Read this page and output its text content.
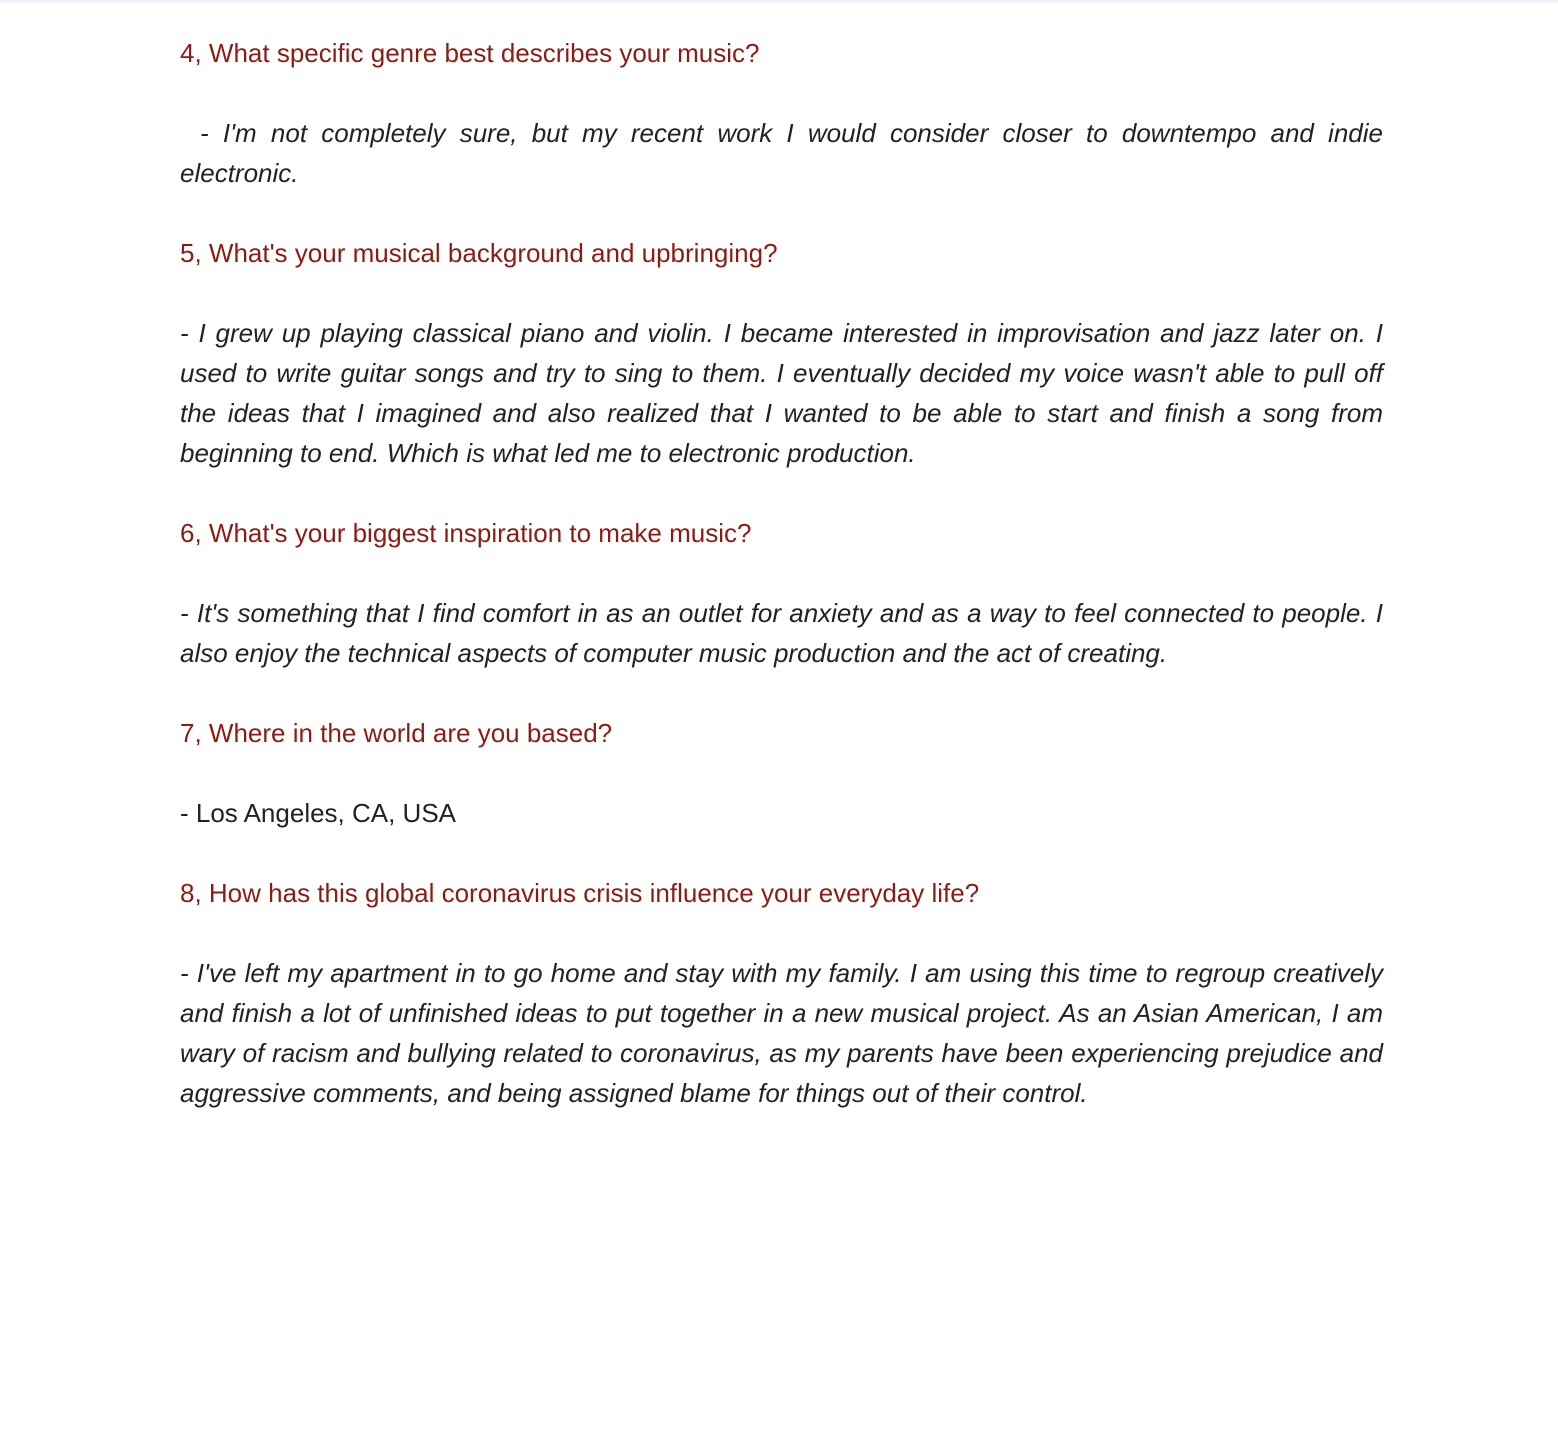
4, What specific genre best describes your music?

- I'm not completely sure, but my recent work I would consider closer to downtempo and indie electronic.

5, What's your musical background and upbringing?

- I grew up playing classical piano and violin. I became interested in improvisation and jazz later on. I used to write guitar songs and try to sing to them. I eventually decided my voice wasn't able to pull off the ideas that I imagined and also realized that I wanted to be able to start and finish a song from beginning to end. Which is what led me to electronic production.

6, What's your biggest inspiration to make music?

- It's something that I find comfort in as an outlet for anxiety and as a way to feel connected to people. I also enjoy the technical aspects of computer music production and the act of creating.

7, Where in the world are you based?

- Los Angeles, CA, USA

8, How has this global coronavirus crisis influence your everyday life?

- I've left my apartment in to go home and stay with my family. I am using this time to regroup creatively and finish a lot of unfinished ideas to put together in a new musical project. As an Asian American, I am wary of racism and bullying related to coronavirus, as my parents have been experiencing prejudice and aggressive comments, and being assigned blame for things out of their control.
